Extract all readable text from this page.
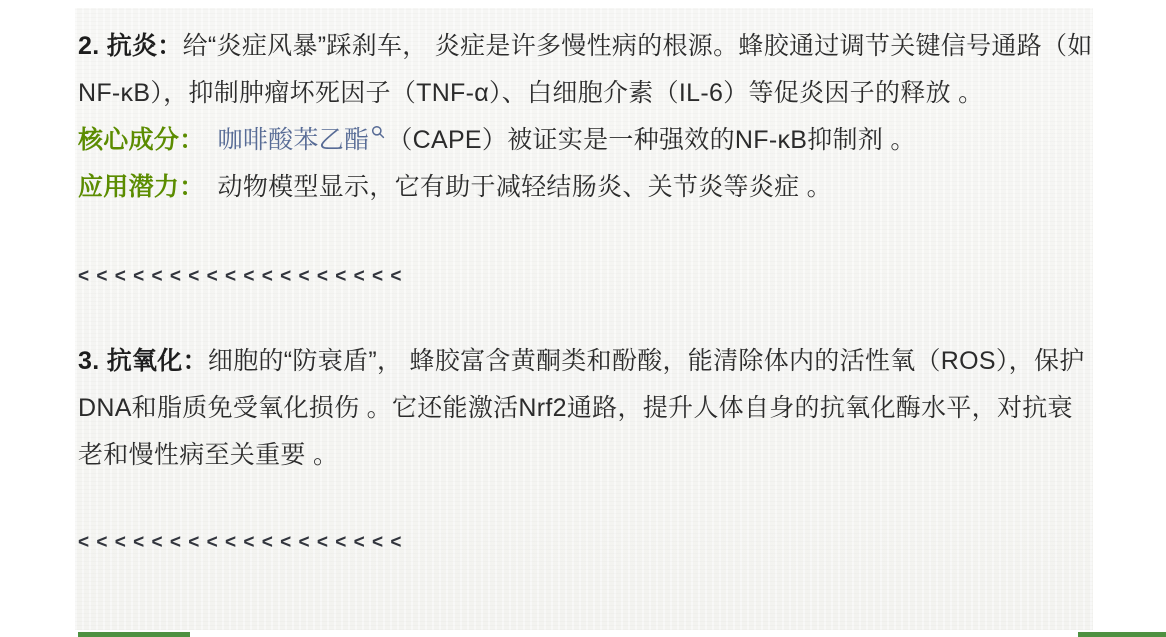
2. 抗炎：给“炎症风暴”踩刹车， 炎症是许多慢性病的根源。蜂胶通过调节关键信号通路（如NF-κB），抑制肿瘤坏死因子（TNF-α）、白细胞介素（IL-6）等促炎因子的释放 。

核心成分： 咖啡酸苯乙酯 （CAPE）被证实是一种强效的NF-κB抑制剂 。

应用潜力： 动物模型显示，它有助于减轻结肠炎、关节炎等炎症 。

< < < < < < < < < < < < < < < < < <

3. 抗氧化：细胞的“防衰盾”， 蜂胶富含黄酮类和酚酸，能清除体内的活性氧（ROS），保护DNA和脂质免受氧化损伤 。它还能激活Nrf2通路，提升人体自身的抗氧化酶水平，对抗衰老和慢性病至关重要 。

< < < < < < < < < < < < < < < < < <
